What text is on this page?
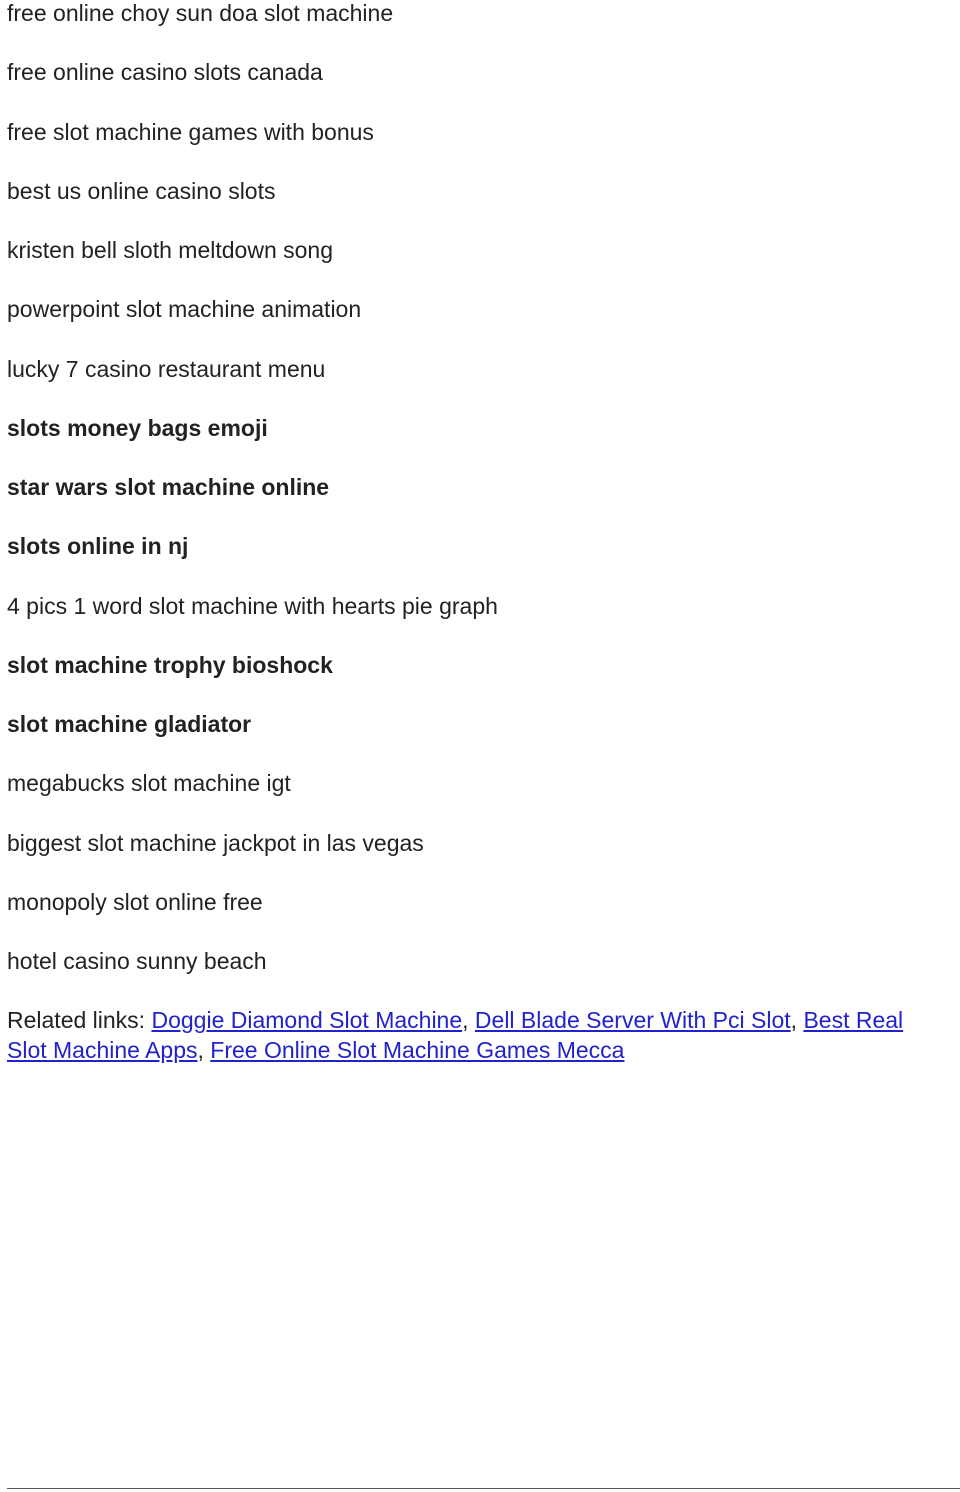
free online choy sun doa slot machine
free online casino slots canada
free slot machine games with bonus
best us online casino slots
kristen bell sloth meltdown song
powerpoint slot machine animation
lucky 7 casino restaurant menu
slots money bags emoji
star wars slot machine online
slots online in nj
4 pics 1 word slot machine with hearts pie graph
slot machine trophy bioshock
slot machine gladiator
megabucks slot machine igt
biggest slot machine jackpot in las vegas
monopoly slot online free
hotel casino sunny beach
Related links: Doggie Diamond Slot Machine, Dell Blade Server With Pci Slot, Best Real Slot Machine Apps, Free Online Slot Machine Games Mecca
